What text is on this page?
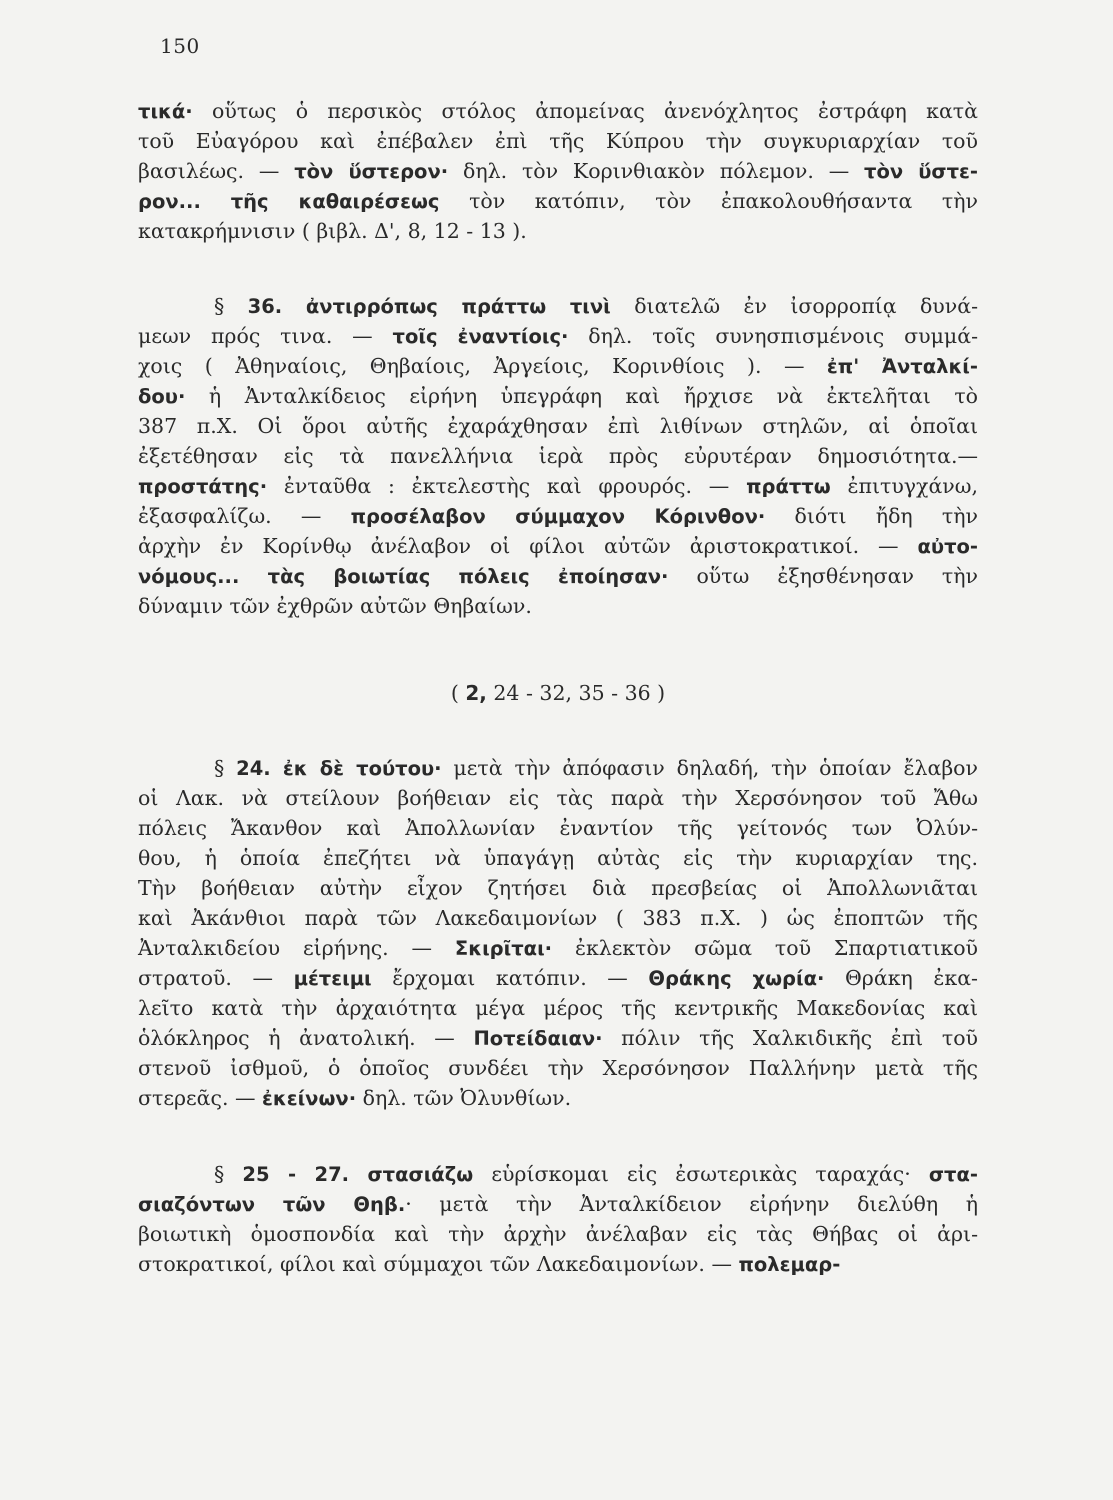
150
τικά· οὕτως ὁ περσικὸς στόλος ἀπομείνας ἀνενόχλητος ἐστράφη κατὰ
τοῦ Εὐαγόρου καὶ ἐπέβαλεν ἐπὶ τῆς Κύπρου τὴν συγκυριαρχίαν τοῦ
βασιλέως. — τὸν ὕστερον· δηλ. τὸν Κορινθιακὸν πόλεμον. — τὸν ὕστε-
ρον... τῆς καθαιρέσεως τὸν κατόπιν, τὸν ἐπακολουθήσαντα τὴν
κατακρήμνισιν ( βιβλ. Δ', 8, 12 - 13 ).
§ 36. ἀντιρρόπως πράττω τινὶ διατελῶ ἐν ἰσορροπίᾳ δυνά-
μεων πρός τινα. — τοῖς ἐναντίοις· δηλ. τοῖς συνησπισμένοις συμμά-
χοις ( Ἀθηναίοις, Θηβαίοις, Ἀργείοις, Κορινθίοις ). — ἐπ' Ἀνταλκί-
δου· ἡ Ἀνταλκίδειος εἰρήνη ὑπεγράφη καὶ ἤρχισε νὰ ἐκτελῆται τὸ
387 π.Χ. Οἱ ὅροι αὐτῆς ἐχαράχθησαν ἐπὶ λιθίνων στηλῶν, αἱ ὁποῖαι
ἐξετέθησαν εἰς τὰ πανελλήνια ἱερὰ πρὸς εὐρυτέραν δημοσιότητα.—
προστάτης· ἐνταῦθα : ἐκτελεστὴς καὶ φρουρός. — πράττω ἐπιτυγχάνω,
ἐξασφαλίζω. — προσέλαβον σύμμαχον Κόρινθον· διότι ἤδη τὴν
ἀρχὴν ἐν Κορίνθῳ ἀνέλαβον οἱ φίλοι αὐτῶν ἀριστοκρατικοί. — αὐτο-
νόμους... τὰς βοιωτίας πόλεις ἐποίησαν· οὕτω ἐξησθένησαν τὴν
δύναμιν τῶν ἐχθρῶν αὐτῶν Θηβαίων.
( 2, 24 - 32, 35 - 36 )
§ 24. ἐκ δὲ τούτου· μετὰ τὴν ἀπόφασιν δηλαδή, τὴν ὁποίαν ἔλαβον
οἱ Λακ. νὰ στείλουν βοήθειαν εἰς τὰς παρὰ τὴν Χερσόνησον τοῦ Ἄθω
πόλεις Ἄκανθον καὶ Ἀπολλωνίαν ἐναντίον τῆς γείτονός των Ὀλύν-
θου, ἡ ὁποία ἐπεζήτει νὰ ὑπαγάγῃ αὐτὰς εἰς τὴν κυριαρχίαν της.
Τὴν βοήθειαν αὐτὴν εἶχον ζητήσει διὰ πρεσβείας οἱ Ἀπολλωνιᾶται
καὶ Ἀκάνθιοι παρὰ τῶν Λακεδαιμονίων ( 383 π.Χ. ) ὡς ἐποπτῶν τῆς
Ἀνταλκιδείου εἰρήνης. — Σκιρῖται· ἐκλεκτὸν σῶμα τοῦ Σπαρτιατικοῦ
στρατοῦ. — μέτειμι ἔρχομαι κατόπιν. — Θράκης χωρία· Θράκη ἐκα-
λεῖτο κατὰ τὴν ἀρχαιότητα μέγα μέρος τῆς κεντρικῆς Μακεδονίας καὶ
ὁλόκληρος ἡ ἀνατολική. — Ποτείδαιαν· πόλιν τῆς Χαλκιδικῆς ἐπὶ τοῦ
στενοῦ ἰσθμοῦ, ὁ ὁποῖος συνδέει τὴν Χερσόνησον Παλλήνην μετὰ τῆς
στερεᾶς. — ἐκείνων· δηλ. τῶν Ὀλυνθίων.
§ 25 - 27. στασιάζω εὑρίσκομαι εἰς ἐσωτερικὰς ταραχάς· στα-
σιαζόντων τῶν Θηβ.· μετὰ τὴν Ἀνταλκίδειον εἰρήνην διελύθη ἡ
βοιωτικὴ ὁμοσπονδία καὶ τὴν ἀρχὴν ἀνέλαβαν εἰς τὰς Θήβας οἱ ἀρι-
στοκρατικοί, φίλοι καὶ σύμμαχοι τῶν Λακεδαιμονίων. — πολεμαρ-
